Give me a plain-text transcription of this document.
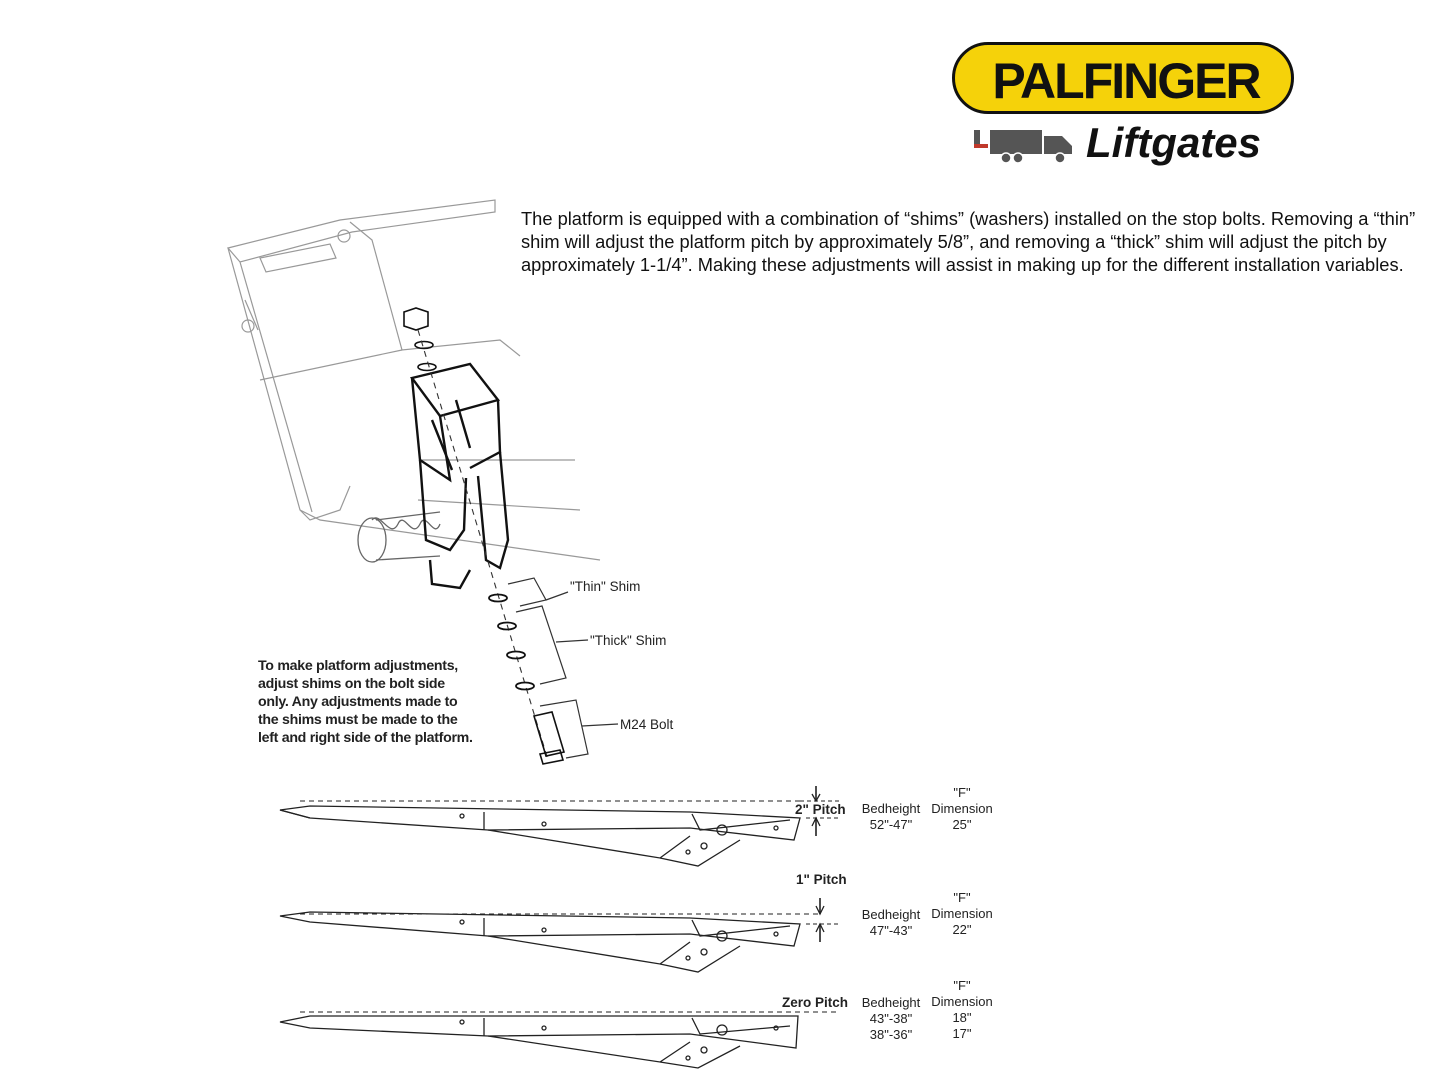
PALFINGER
Liftgates
The platform is equipped with a combination of “shims” (washers) installed on the stop bolts. Removing a “thin” shim will adjust the platform pitch by approximately 5/8”, and removing a “thick” shim will adjust the pitch by approximately 1-1/4”. Making these adjustments will assist in making up for the different installation variables.
"Thin" Shim
"Thick" Shim
M24 Bolt
To make platform adjustments, adjust shims on the bolt side only. Any adjustments made to the shims must be made to the left and right side of the platform.
2" Pitch	Bedheight
52"-47"
"F"
Dimension
25"
1" Pitch
Bedheight
47"-43"
"F"
Dimension
22"
Zero Pitch	Bedheight
43"-38"
38"-36"
"F"
Dimension
18"
17"
